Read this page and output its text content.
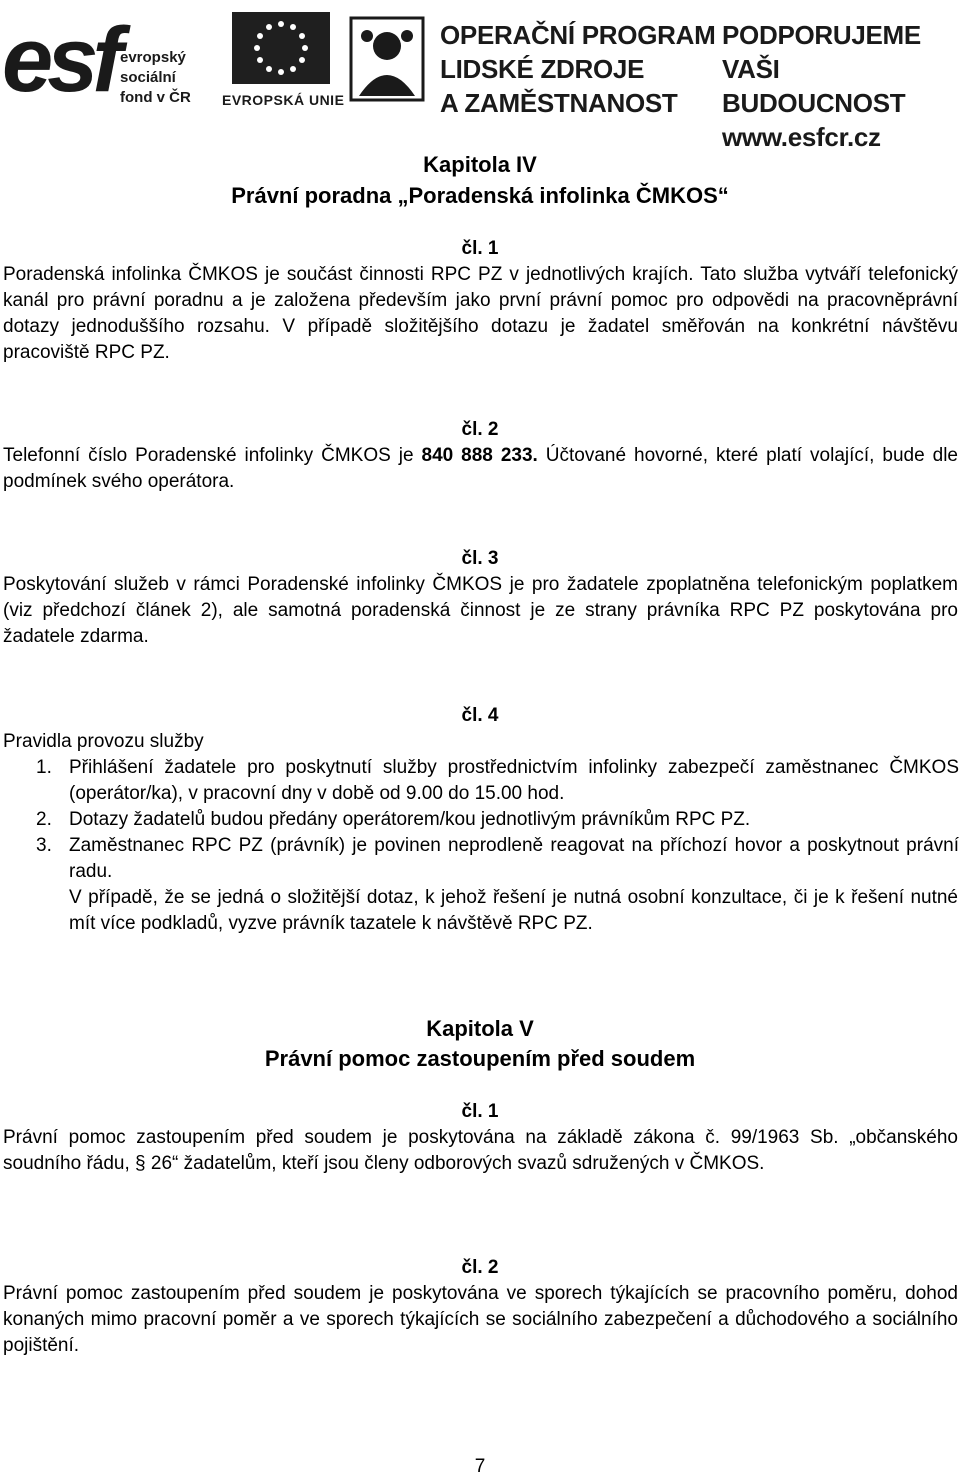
esf evropský
sociální
fond v ČR EVROPSKÁ UNIE
OPERAČNÍ PROGRAM
LIDSKÉ ZDROJE
A ZAMĚSTNANOST
PODPORUJEME
VAŠI BUDOUCNOST
www.esfcr.cz
Kapitola IV
Právní poradna „Poradenská infolinka ČMKOS“
čl. 1
Poradenská infolinka ČMKOS je součást činnosti RPC PZ v jednotlivých krajích. Tato služba vytváří telefonický kanál pro právní poradnu a je založena především jako první právní pomoc pro odpovědi na pracovněprávní dotazy jednoduššího rozsahu. V případě složitějšího dotazu je žadatel směřován na konkrétní návštěvu pracoviště RPC PZ.
čl. 2
Telefonní číslo Poradenské infolinky ČMKOS je 840 888 233. Účtované hovorné, které platí volající, bude dle podmínek svého operátora.
čl. 3
Poskytování služeb v rámci Poradenské infolinky ČMKOS je pro žadatele zpoplatněna telefonickým poplatkem (viz předchozí článek 2), ale samotná poradenská činnost je ze strany právníka RPC PZ poskytována pro žadatele zdarma.
čl. 4
Pravidla provozu služby
1. Přihlášení žadatele pro poskytnutí služby prostřednictvím infolinky zabezpečí zaměstnanec ČMKOS (operátor/ka), v pracovní dny v době od 9.00 do 15.00 hod.
2. Dotazy žadatelů budou předány operátorem/kou jednotlivým právníkům RPC PZ.
3. Zaměstnanec RPC PZ (právník) je povinen neprodleně reagovat na příchozí hovor a poskytnout právní radu.
V případě, že se jedná o složitější dotaz, k jehož řešení je nutná osobní konzultace, či je k řešení nutné mít více podkladů, vyzve právník tazatele k návštěvě RPC PZ.
Kapitola V
Právní pomoc zastoupením před soudem
čl. 1
Právní pomoc zastoupením před soudem je poskytována na základě zákona č. 99/1963 Sb. „občanského soudního řádu, § 26“ žadatelům, kteří jsou členy odborových svazů sdružených v ČMKOS.
čl. 2
Právní pomoc zastoupením před soudem je poskytována ve sporech týkajících se pracovního poměru, dohod konaných mimo pracovní poměr a ve sporech týkajících se sociálního zabezpečení a důchodového a sociálního pojištění.
7
